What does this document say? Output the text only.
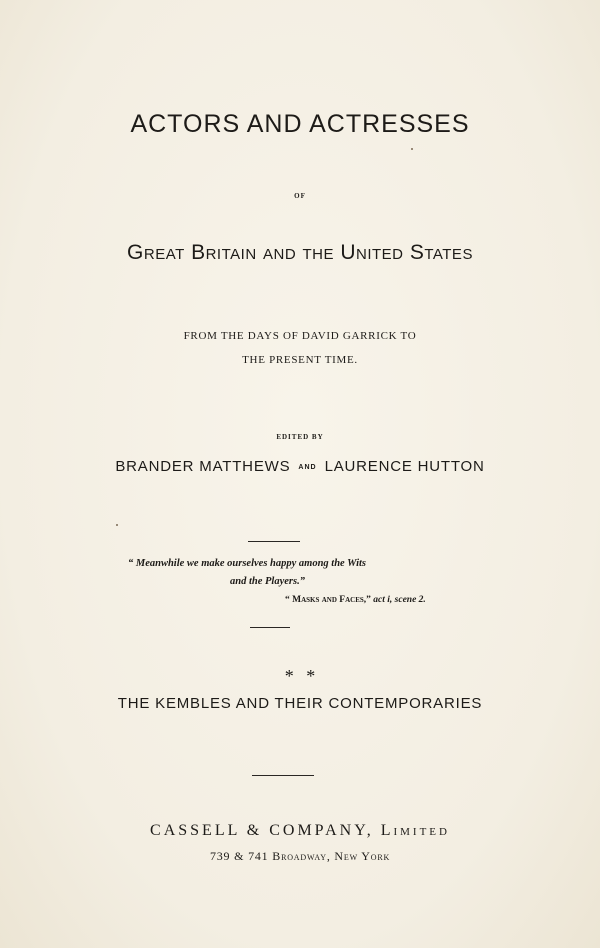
ACTORS AND ACTRESSES
OF
Great Britain and the United States
FROM THE DAYS OF DAVID GARRICK TO
THE PRESENT TIME.
EDITED BY
BRANDER MATTHEWS AND LAURENCE HUTTON
“ Meanwhile we make ourselves happy among the Wits
and the Players.”
“ Masks and Faces,” act i, scene 2.
* *
THE KEMBLES AND THEIR CONTEMPORARIES
CASSELL & COMPANY, Limited
739 & 741 Broadway, New York
